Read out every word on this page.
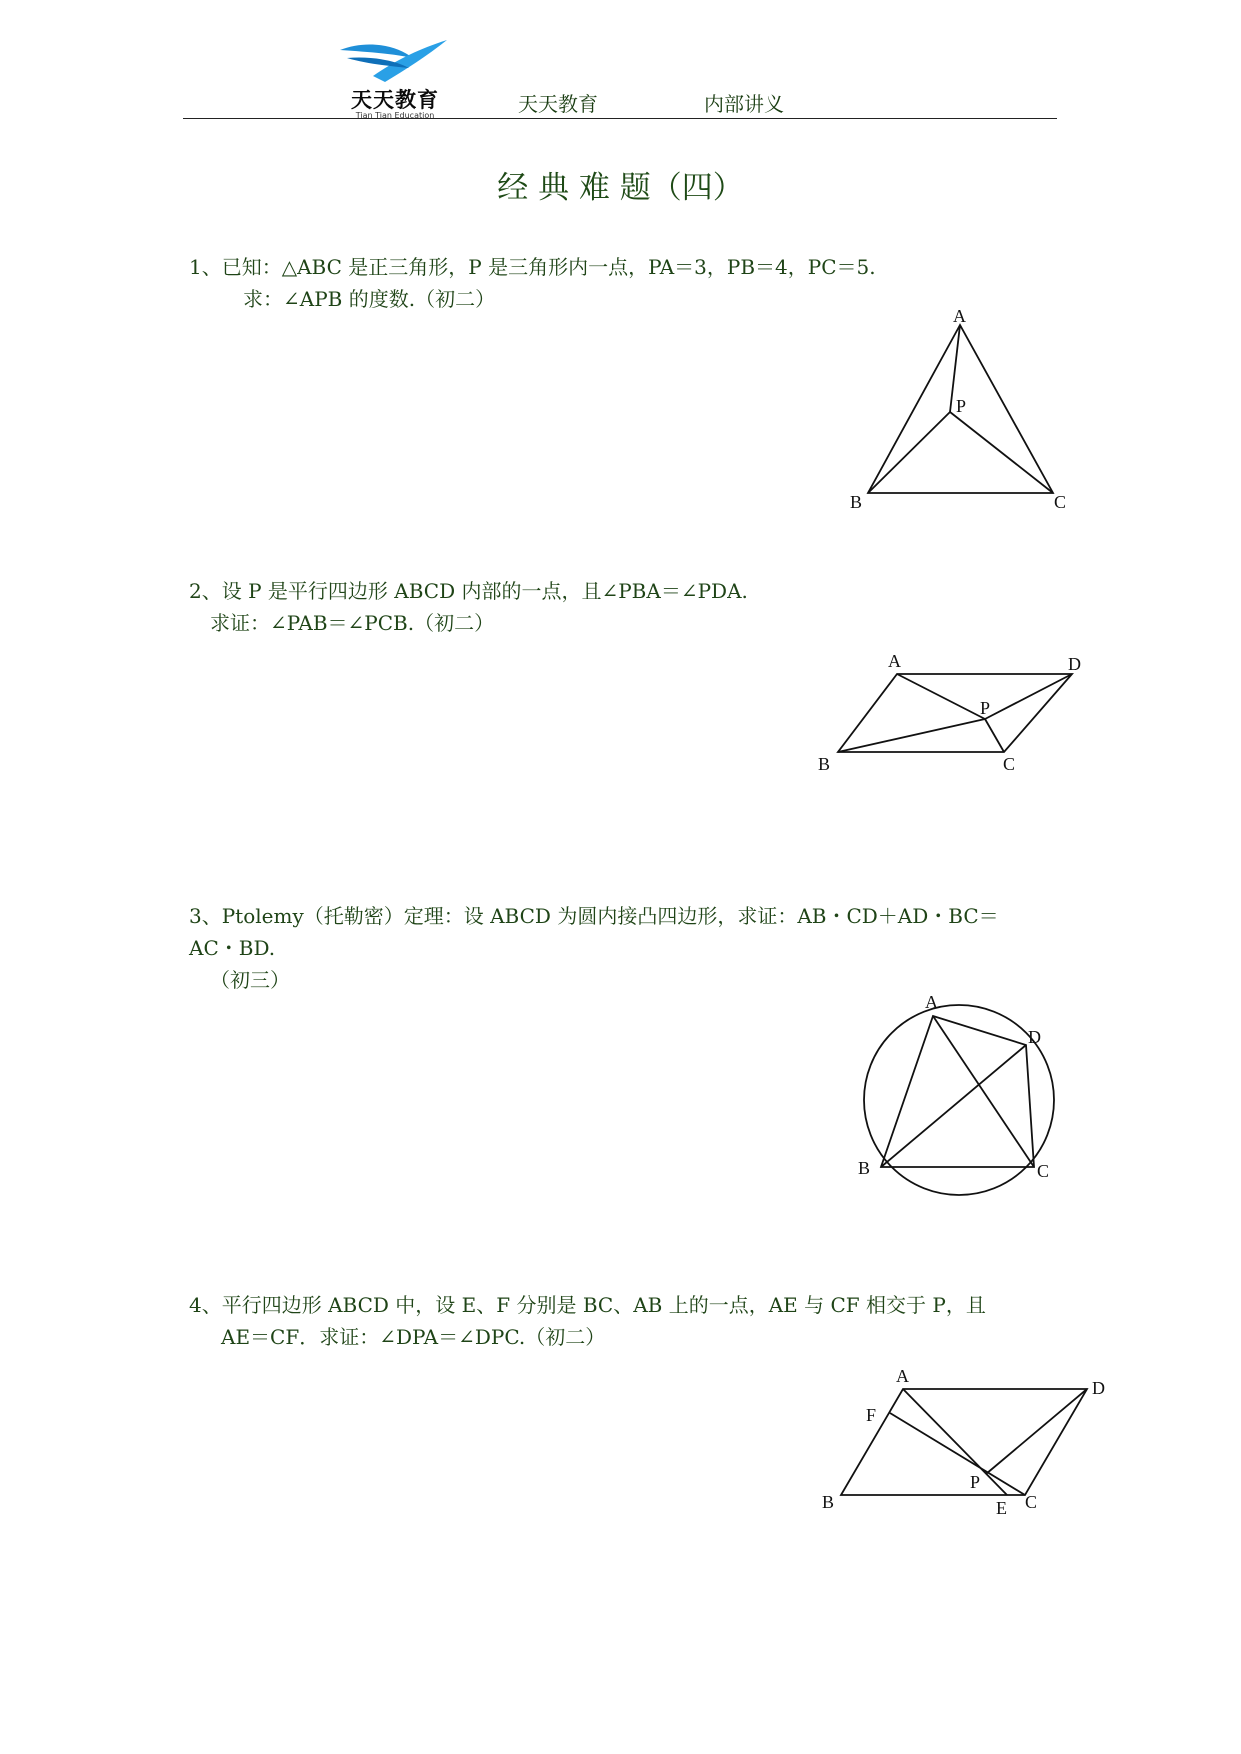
天天教育
Tian Tian Education	天天教育	内部讲义
经 典 难 题（四）
1、已知：△ABC 是正三角形，P 是三角形内一点，PA＝3，PB＝4，PC＝5.
求：∠APB 的度数.（初二）
A
P
B	C
2、设 P 是平行四边形 ABCD 内部的一点，且∠PBA＝∠PDA.
求证：∠PAB＝∠PCB.（初二）
A	D
P
B	C
3、Ptolemy（托勒密）定理：设 ABCD 为圆内接凸四边形，求证：AB・CD＋AD・BC＝
AC・BD.
（初三）
A
D
B	C
4、平行四边形 ABCD 中，设 E、F 分别是 BC、AB 上的一点，AE 与 CF 相交于 P，且
AE＝CF．求证：∠DPA＝∠DPC.（初二）
A
D
F
P
B	E C
